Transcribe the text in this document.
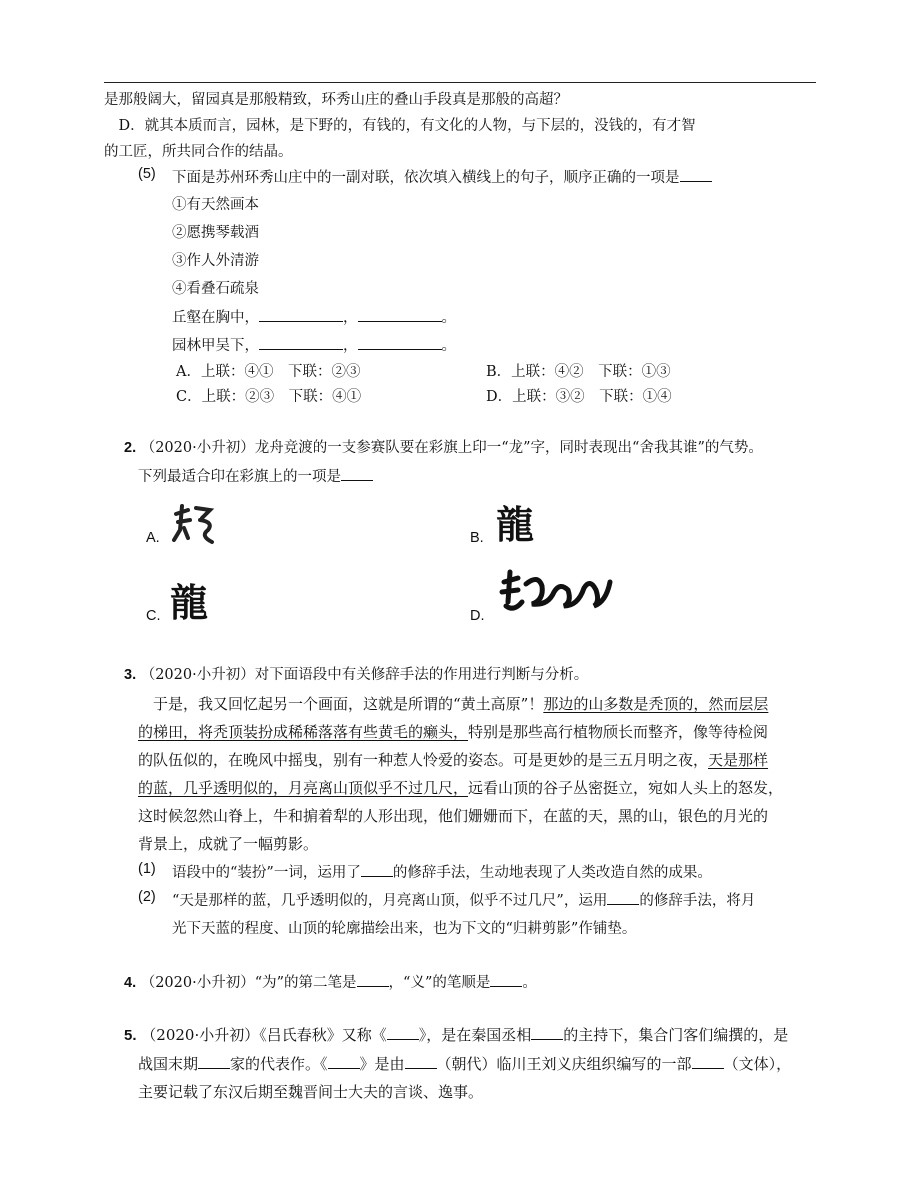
是那般阔大，留园真是那般精致，环秀山庄的叠山手段真是那般的高超？
　D．就其本质而言，园林，是下野的，有钱的，有文化的人物，与下层的，没钱的，有才智
的工匠，所共同合作的结晶。
(5) 下面是苏州环秀山庄中的一副对联，依次填入横线上的句子，顺序正确的一项是
①有天然画本
②愿携琴载酒
③作人外清游
④看叠石疏泉
丘壑在胸中，	，	。
园林甲吴下，	，	。
A．上联：④①　下联：②③	B．上联：④②　下联：①③
C．上联：②③　下联：④①	D．上联：③②　下联：①④
2. （2020·小升初）龙舟竞渡的一支参赛队要在彩旗上印一“龙”字，同时表现出“舍我其谁”的气势。
下列最适合印在彩旗上的一项是
A.	B. 龍
C. 龍	D.
3. （2020·小升初）对下面语段中有关修辞手法的作用进行判断与分析。
　于是，我又回忆起另一个画面，这就是所谓的“黄土高原”！那边的山多数是秃顶的，然而层层
的梯田，将秃顶装扮成稀稀落落有些黄毛的癞头，特别是那些高行植物颀长而整齐，像等待检阅
的队伍似的，在晚风中摇曳，别有一种惹人怜爱的姿态。可是更妙的是三五月明之夜，天是那样
的蓝，几乎透明似的，月亮离山顶似乎不过几尺，远看山顶的谷子丛密挺立，宛如人头上的怒发，
这时候忽然山脊上，牛和掮着犁的人形出现，他们姗姗而下，在蓝的天，黑的山，银色的月光的
背景上，成就了一幅剪影。
(1) 语段中的“装扮”一词，运用了 的修辞手法，生动地表现了人类改造自然的成果。
(2) “天是那样的蓝，几乎透明似的，月亮离山顶，似乎不过几尺”，运用 的修辞手法，将月
光下天蓝的程度、山顶的轮廓描绘出来，也为下文的“归耕剪影”作铺垫。
4. （2020·小升初）“为”的第二笔是 ，“义”的笔顺是 。
5. （2020·小升初）《吕氏春秋》又称《 》，是在秦国丞相 的主持下，集合门客们编撰的，是
战国末期 家的代表作。《 》是由 （朝代）临川王刘义庆组织编写的一部 （文体），
主要记载了东汉后期至魏晋间士大夫的言谈、逸事。
